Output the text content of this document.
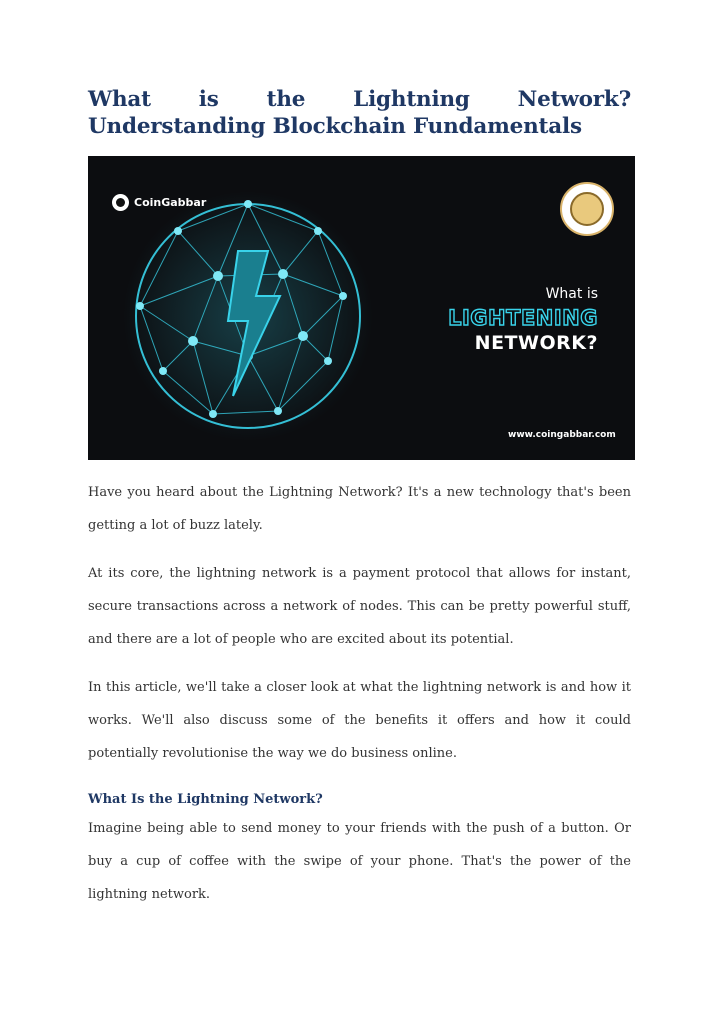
What is the Lightning Network? Understanding Blockchain Fundamentals
CoinGabbar
What is
LIGHTENING
NETWORK?
www.coingabbar.com

Have you heard about the Lightning Network? It's a new technology that's been getting a lot of buzz lately.

At its core, the lightning network is a payment protocol that allows for instant, secure transactions across a network of nodes. This can be pretty powerful stuff, and there are a lot of people who are excited about its potential.

In this article, we'll take a closer look at what the lightning network is and how it works. We'll also discuss some of the benefits it offers and how it could potentially revolutionise the way we do business online.

What Is the Lightning Network?

Imagine being able to send money to your friends with the push of a button. Or buy a cup of coffee with the swipe of your phone. That's the power of the lightning network.
